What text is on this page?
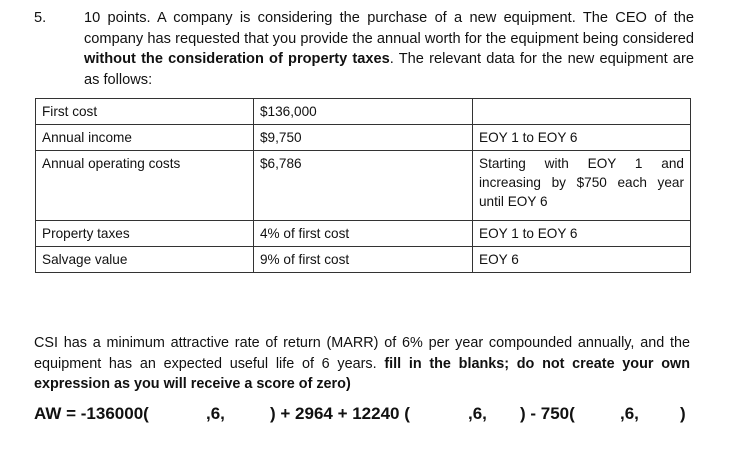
5.	10 points. A company is considering the purchase of a new equipment. The CEO of the company has requested that you provide the annual worth for the equipment being considered without the consideration of property taxes. The relevant data for the new equipment are as follows:
First cost	$136,000	
Annual income	$9,750	EOY 1 to EOY 6
Annual operating costs	$6,786	Starting with EOY 1 and increasing by $750 each year until EOY 6
Property taxes	4% of first cost	EOY 1 to EOY 6
Salvage value	9% of first cost	EOY 6
CSI has a minimum attractive rate of return (MARR) of 6% per year compounded annually, and the equipment has an expected useful life of 6 years. fill in the blanks; do not create your own expression as you will receive a score of zero)
AW = -136000(	,6,	) + 2964 + 12240 (	,6, ) - 750(	,6, )
